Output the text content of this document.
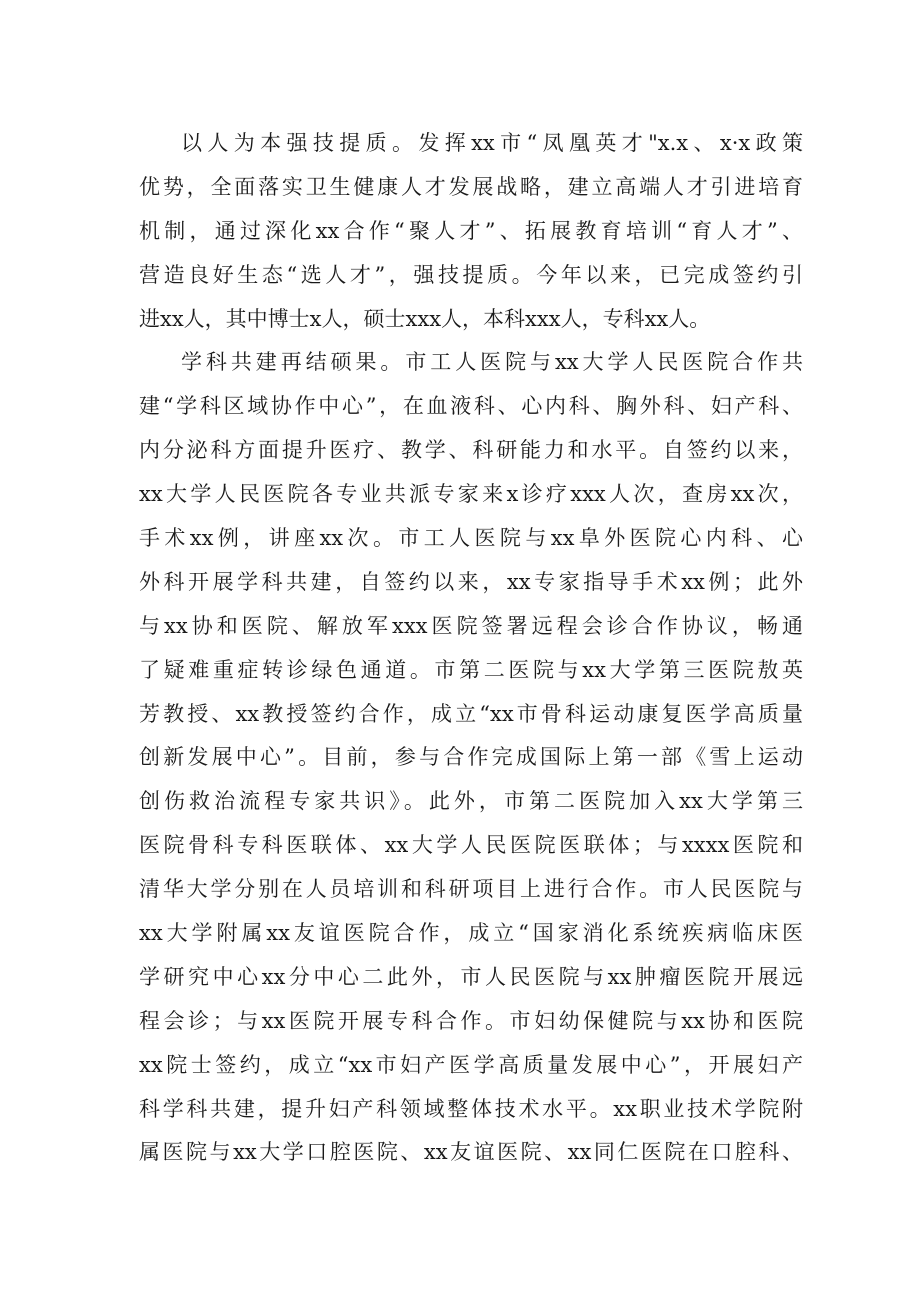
以人为本强技提质。发挥xx市“凤凰英才"x.x、x·x政策
优势，全面落实卫生健康人才发展战略，建立高端人才引进培育
机制，通过深化xx合作“聚人才”、拓展教育培训“育人才”、
营造良好生态“选人才”，强技提质。今年以来，已完成签约引
进xx人，其中博士x人，硕士xxx人，本科xxx人，专科xx人。
学科共建再结硕果。市工人医院与xx大学人民医院合作共
建“学科区域协作中心”，在血液科、心内科、胸外科、妇产科、
内分泌科方面提升医疗、教学、科研能力和水平。自签约以来，
xx大学人民医院各专业共派专家来x诊疗xxx人次，查房xx次，
手术xx例，讲座xx次。市工人医院与xx阜外医院心内科、心
外科开展学科共建，自签约以来，xx专家指导手术xx例；此外
与xx协和医院、解放军xxx医院签署远程会诊合作协议，畅通
了疑难重症转诊绿色通道。市第二医院与xx大学第三医院敖英
芳教授、xx教授签约合作，成立“xx市骨科运动康复医学高质量
创新发展中心”。目前，参与合作完成国际上第一部《雪上运动
创伤救治流程专家共识》。此外，市第二医院加入xx大学第三
医院骨科专科医联体、xx大学人民医院医联体；与xxxx医院和
清华大学分别在人员培训和科研项目上进行合作。市人民医院与
xx大学附属xx友谊医院合作，成立“国家消化系统疾病临床医
学研究中心xx分中心二此外，市人民医院与xx肿瘤医院开展远
程会诊；与xx医院开展专科合作。市妇幼保健院与xx协和医院
xx院士签约，成立“xx市妇产医学高质量发展中心”，开展妇产
科学科共建，提升妇产科领域整体技术水平。xx职业技术学院附
属医院与xx大学口腔医院、xx友谊医院、xx同仁医院在口腔科、
